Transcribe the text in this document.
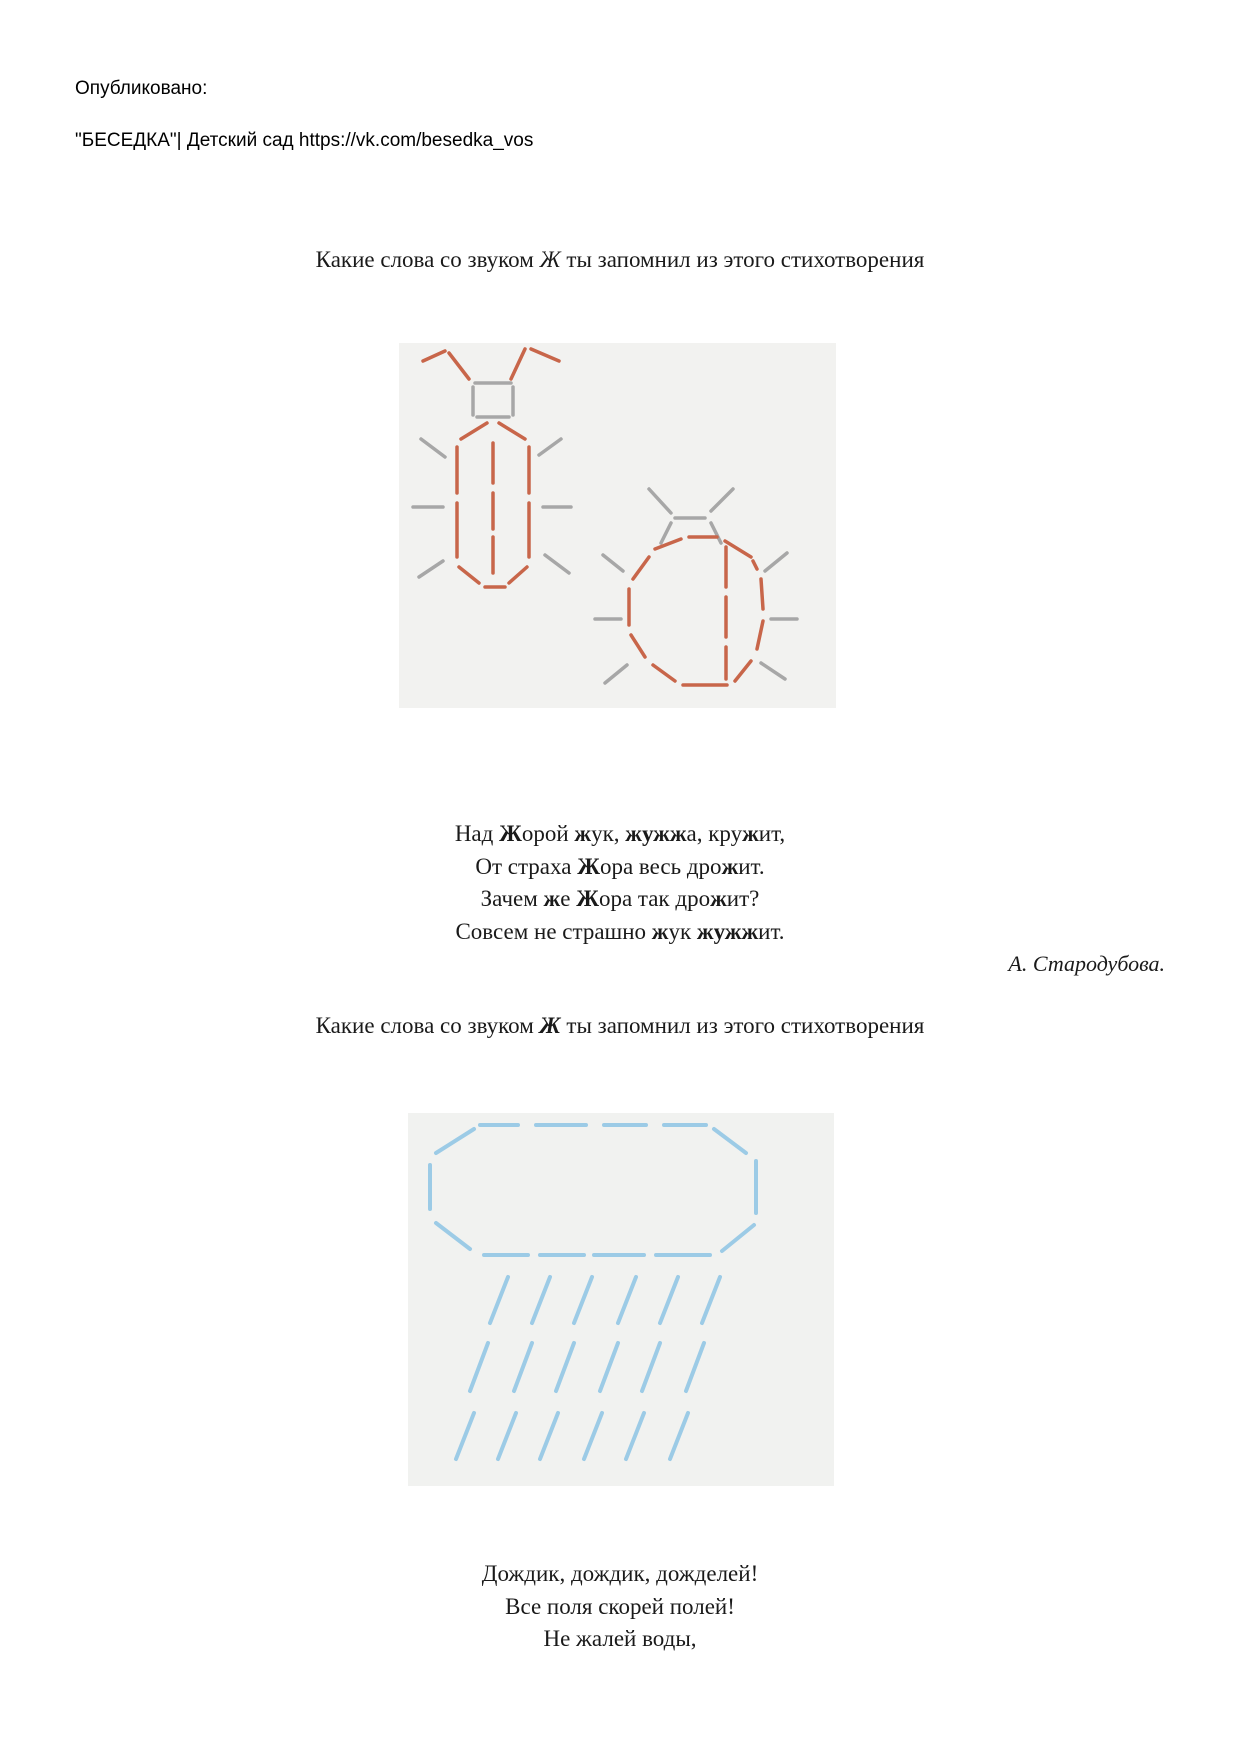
Опубликовано:
"БЕСЕДКА"| Детский сад https://vk.com/besedka_vos
Какие слова со звуком Ж ты запомнил из этого стихотворения
Над Жорой жук, жужжа, кружит,
От страха Жора весь дрожит.
Зачем же Жора так дрожит?
Совсем не страшно жук жужжит.
А. Стародубова.
Какие слова со звуком Ж ты запомнил из этого стихотворения
Дождик, дождик, дожделей!
Все поля скорей полей!
Не жалей воды,
